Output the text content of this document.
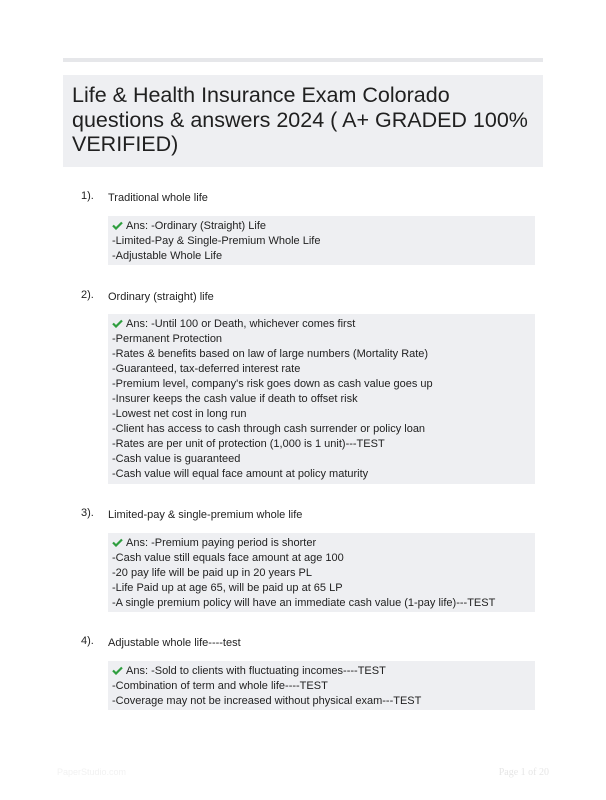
Life & Health Insurance Exam Colorado questions & answers 2024 ( A+ GRADED 100% VERIFIED)
1). Traditional whole life
Ans: -Ordinary (Straight) Life
-Limited-Pay & Single-Premium Whole Life
-Adjustable Whole Life
2). Ordinary (straight) life
Ans: -Until 100 or Death, whichever comes first
-Permanent Protection
-Rates & benefits based on law of large numbers (Mortality Rate)
-Guaranteed, tax-deferred interest rate
-Premium level, company's risk goes down as cash value goes up
-Insurer keeps the cash value if death to offset risk
-Lowest net cost in long run
-Client has access to cash through cash surrender or policy loan
-Rates are per unit of protection (1,000 is 1 unit)---TEST
-Cash value is guaranteed
-Cash value will equal face amount at policy maturity
3). Limited-pay & single-premium whole life
Ans: -Premium paying period is shorter
-Cash value still equals face amount at age 100
-20 pay life will be paid up in 20 years PL
-Life Paid up at age 65, will be paid up at 65 LP
-A single premium policy will have an immediate cash value (1-pay life)---TEST
4). Adjustable whole life----test
Ans: -Sold to clients with fluctuating incomes----TEST
-Combination of term and whole life----TEST
-Coverage may not be increased without physical exam---TEST
PaperStudio.com	Page 1 of 20
